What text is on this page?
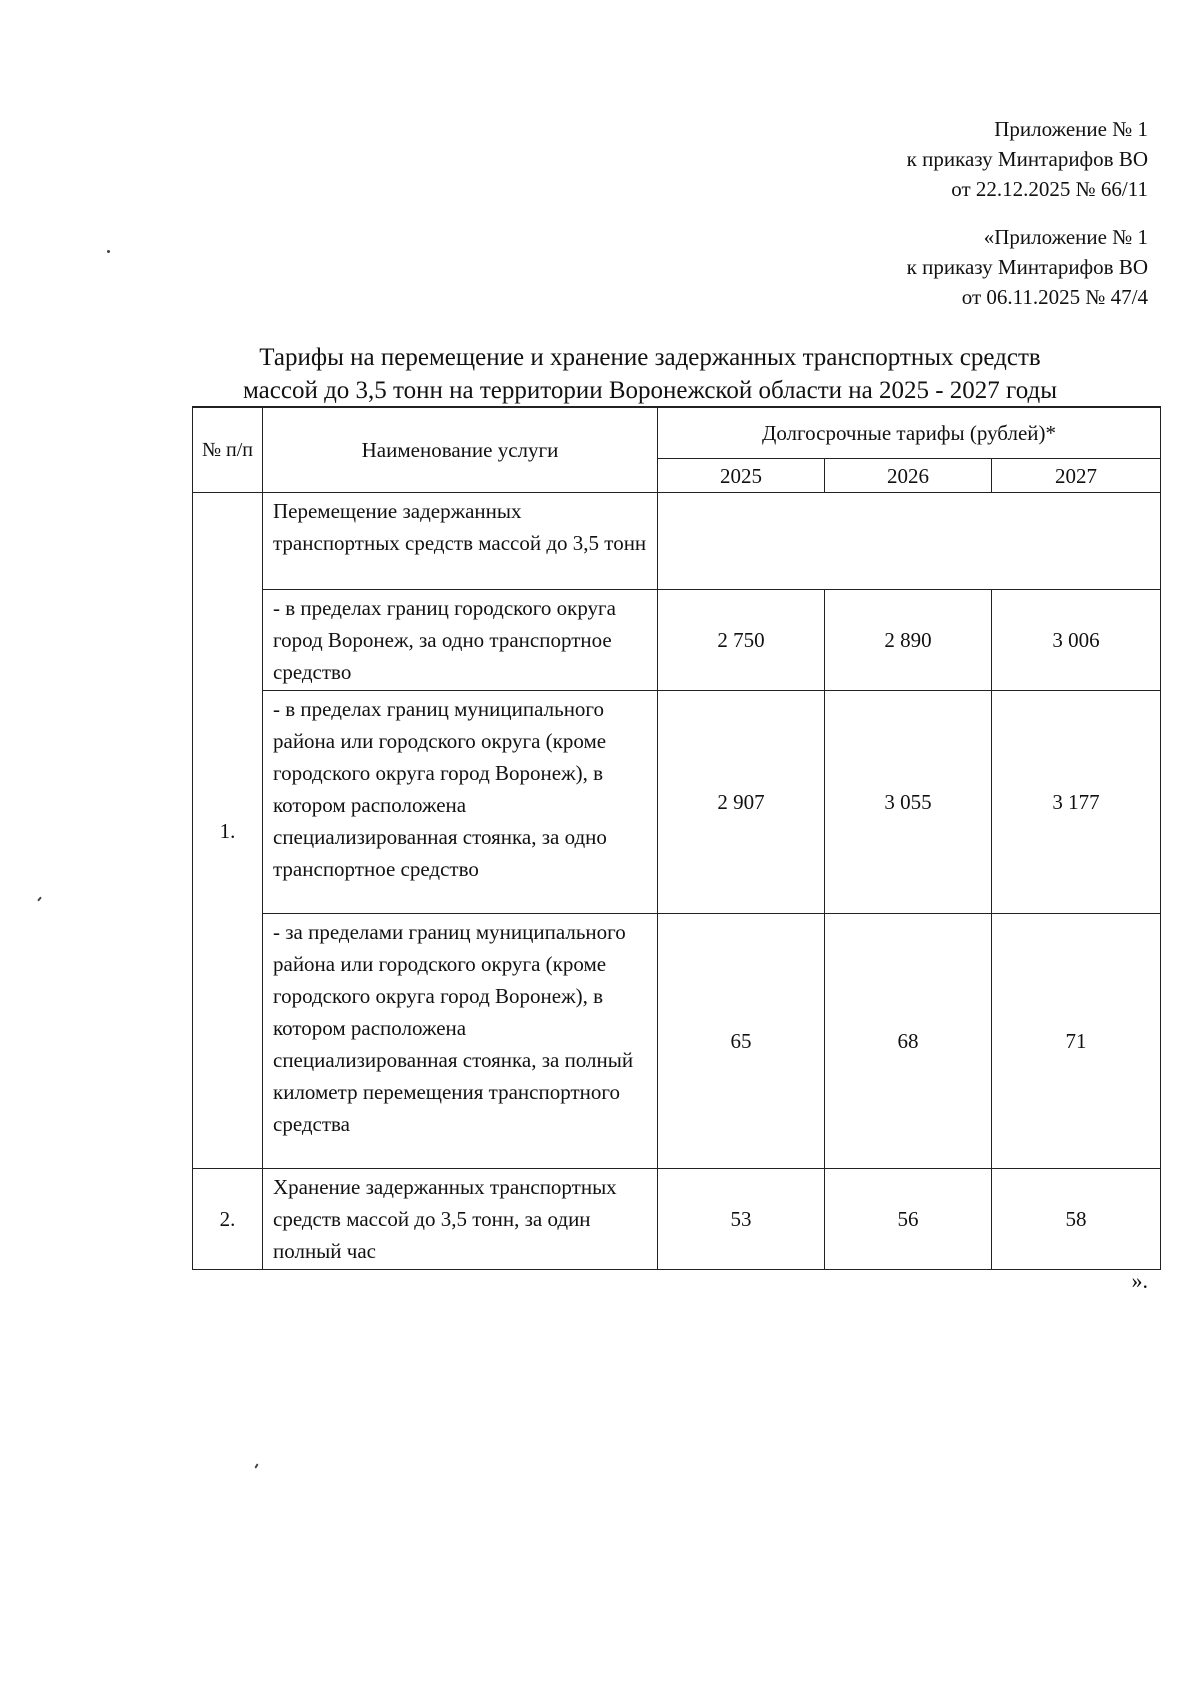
Приложение № 1
к приказу Минтарифов ВО
от 22.12.2025 № 66/11
«Приложение № 1
к приказу Минтарифов ВО
от 06.11.2025 № 47/4
Тарифы на перемещение и хранение задержанных транспортных средств
массой до 3,5 тонн на территории Воронежской области на 2025 - 2027 годы
№ п/п	Наименование услуги	Долгосрочные тарифы (рублей)*		
		2025	2026	2027
1.	Перемещение задержанных транспортных средств массой до 3,5 тонн			
	- в пределах границ городского округа город Воронеж, за одно транспортное средство	2 750	2 890	3 006
	- в пределах границ муниципального района или городского округа (кроме городского округа город Воронеж), в котором расположена специализированная стоянка, за одно транспортное средство	2 907	3 055	3 177
	- за пределами границ муниципального района или городского округа (кроме городского округа город Воронеж), в котором расположена специализированная стоянка, за полный километр перемещения транспортного средства	65	68	71
2.	Хранение задержанных транспортных средств массой до 3,5 тонн, за один полный час	53	56	58
».
